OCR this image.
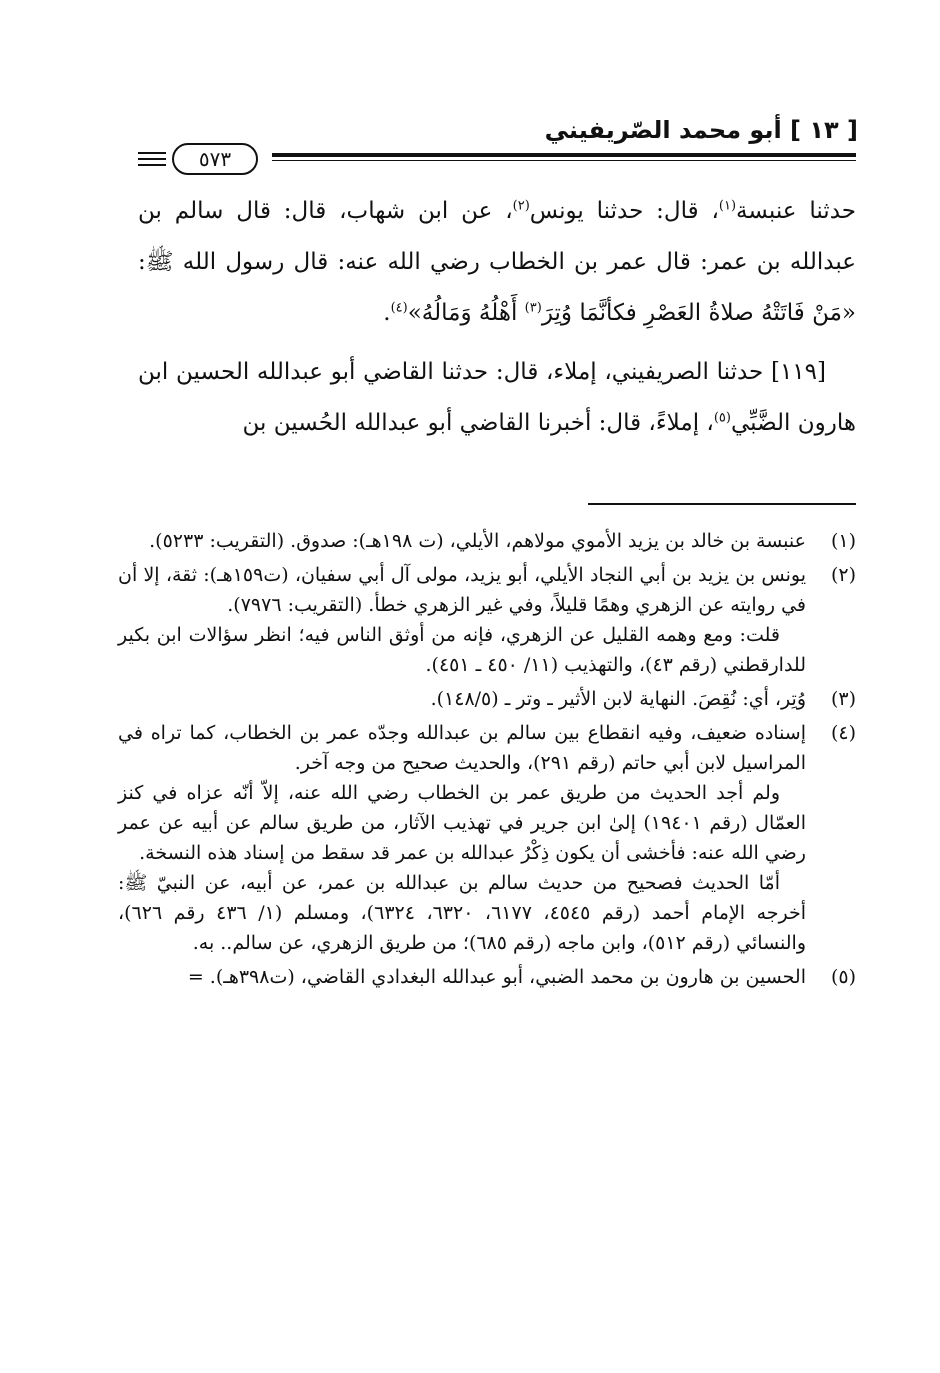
[ ١٣ ] أبو محمد الصّريفيني
٥٧٣

حدثنا عنبسة$^{(١)}$، قال: حدثنا يونس$^{(٢)}$، عن ابن شهاب، قال: قال سالم بن عبدالله بن عمر: قال عمر بن الخطاب رضي الله عنه: قال رسول الله ﷺ: «مَنْ فَاتَتْهُ صلاةُ العَصْرِ فكأنَّمَا وُتِرَ$^{(٣)}$ أَهْلُهُ وَمَالُهُ»$^{(٤)}$.

[١١٩] حدثنا الصريفيني، إملاء، قال: حدثنا القاضي أبو عبدالله الحسين ابن هارون الضَّبِّي$^{(٥)}$، إملاءً، قال: أخبرنا القاضي أبو عبدالله الحُسين بن

(١)

عنبسة بن خالد بن يزيد الأموي مولاهم، الأيلي، (ت ١٩٨هـ): صدوق. (التقريب: ٥٢٣٣).

(٢)

يونس بن يزيد بن أبي النجاد الأيلي، أبو يزيد، مولى آل أبي سفيان، (ت١٥٩هـ): ثقة، إلا أن في روايته عن الزهري وهمًا قليلاً، وفي غير الزهري خطأ. (التقريب: ٧٩٧٦).

قلت: ومع وهمه القليل عن الزهري، فإنه من أوثق الناس فيه؛ انظر سؤالات ابن بكير للدارقطني (رقم ٤٣)، والتهذيب (١١/ ٤٥٠ ـ ٤٥١).

(٣)

وُتِر، أي: نُقِصَ. النهاية لابن الأثير ـ وتر ـ (١٤٨/٥).

(٤)

إسناده ضعيف، وفيه انقطاع بين سالم بن عبدالله وجدّه عمر بن الخطاب، كما تراه في المراسيل لابن أبي حاتم (رقم ٢٩١)، والحديث صحيح من وجه آخر.

ولم أجد الحديث من طريق عمر بن الخطاب رضي الله عنه، إلاّ أنّه عزاه في كنز العمّال (رقم ١٩٤٠١) إلىٰ ابن جرير في تهذيب الآثار، من طريق سالم عن أبيه عن عمر رضي الله عنه: فأخشى أن يكون ذِكْرُ عبدالله بن عمر قد سقط من إسناد هذه النسخة.

أمّا الحديث فصحيح من حديث سالم بن عبدالله بن عمر، عن أبيه، عن النبيّ ﷺ: أخرجه الإمام أحمد (رقم ٤٥٤٥، ٦١٧٧، ٦٣٢٠، ٦٣٢٤)، ومسلم (١/ ٤٣٦ رقم ٦٢٦)، والنسائي (رقم ٥١٢)، وابن ماجه (رقم ٦٨٥)؛ من طريق الزهري، عن سالم.. به.

(٥)

الحسين بن هارون بن محمد الضبي، أبو عبدالله البغدادي القاضي، (ت٣٩٨هـ). =
